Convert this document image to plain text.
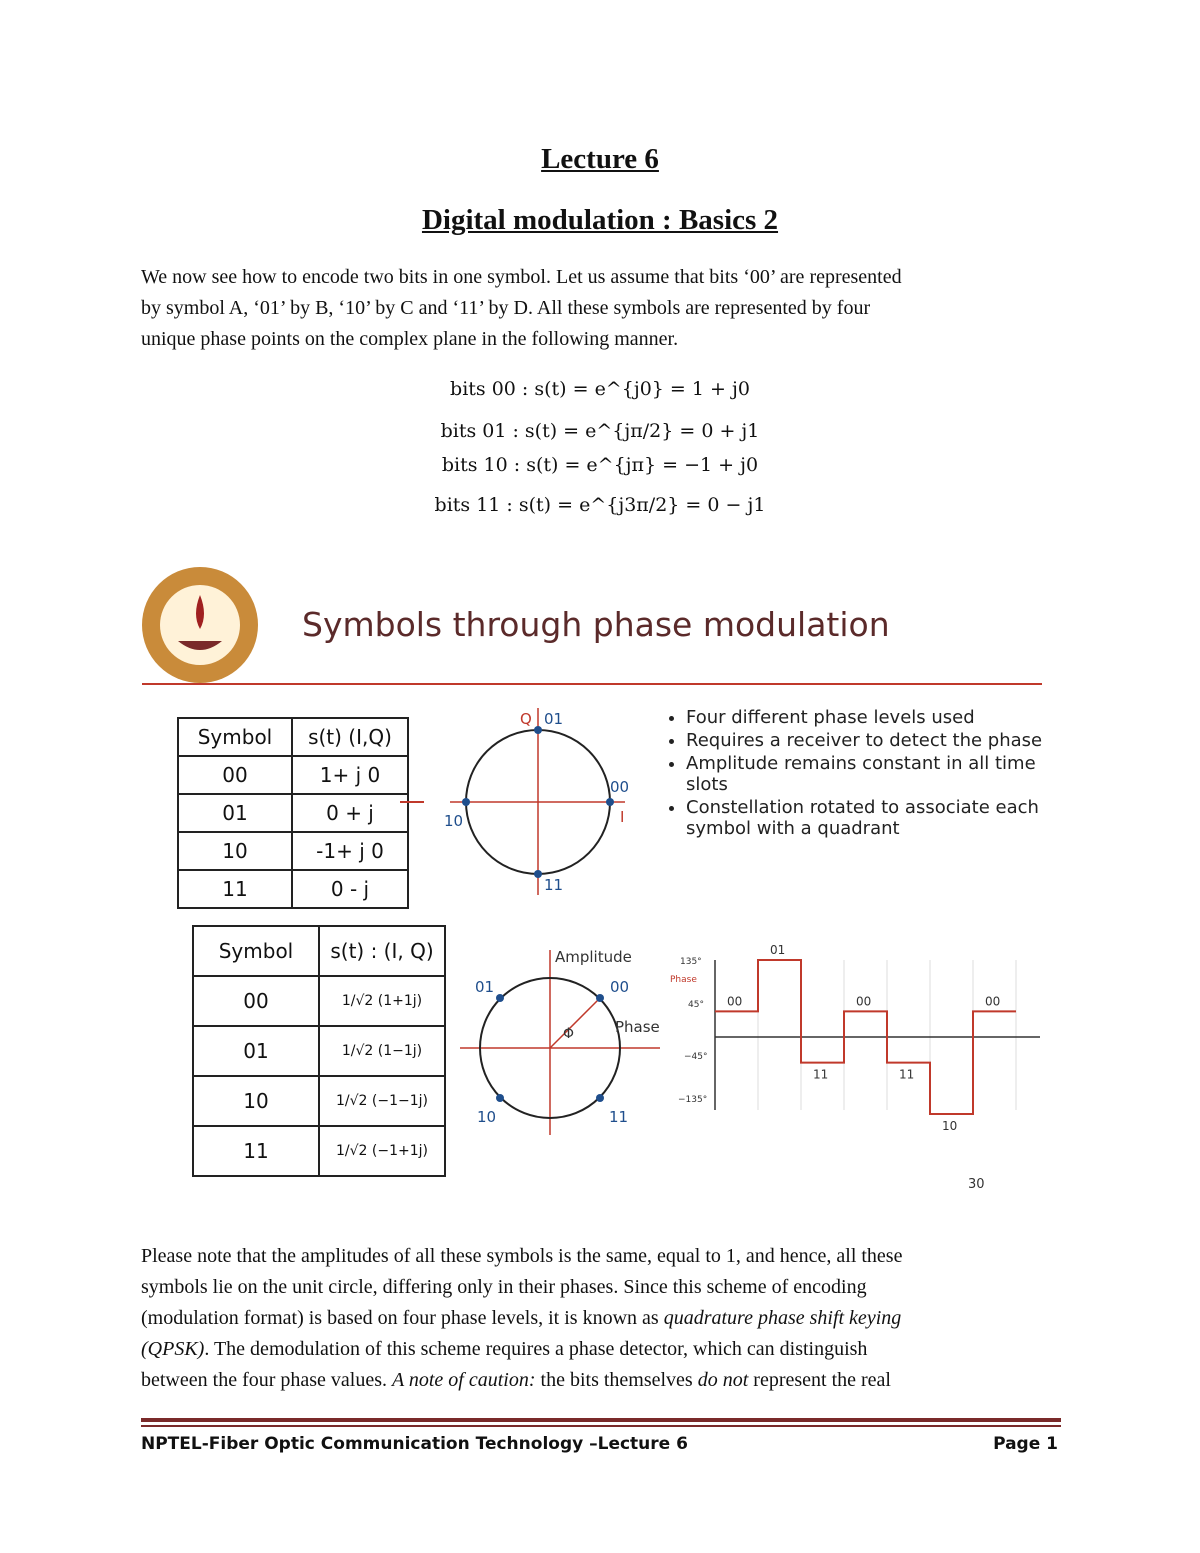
Lecture 6
Digital modulation : Basics 2
We now see how to encode two bits in one symbol. Let us assume that bits ‘00’ are represented
by symbol A, ‘01’ by B, ‘10’ by C and ‘11’ by D. All these symbols are represented by four
unique phase points on the complex plane in the following manner.
bits 00 : s(t) = e^{j0} = 1 + j0
bits 01 : s(t) = e^{jπ/2} = 0 + j1
bits 10 : s(t) = e^{jπ} = −1 + j0
bits 11 : s(t) = e^{j3π/2} = 0 − j1
Symbols through phase modulation
Symbol	s(t) (I,Q)
00	1+ j 0
01	0 + j
10	-1+ j 0
11	0 - j
Q 01
00
10
11
I
• Four different phase levels used
• Requires a receiver to detect the phase
• Amplitude remains constant in all time slots
• Constellation rotated to associate each symbol with a quadrant
Symbol	s(t) : (I, Q)
00	1/√2 (1+1j)
01	1/√2 (1−1j)
10	1/√2 (−1−1j)
11	1/√2 (−1+1j)
Amplitude
01	00
10	11
Phase
Φ
Phase
135°
45°
−45°
−135°
00
01
11
00
11
10
00
30
Please note that the amplitudes of all these symbols is the same, equal to 1, and hence, all these
symbols lie on the unit circle, differing only in their phases. Since this scheme of encoding
(modulation format) is based on four phase levels, it is known as quadrature phase shift keying
(QPSK). The demodulation of this scheme requires a phase detector, which can distinguish
between the four phase values. A note of caution: the bits themselves do not represent the real
NPTEL-Fiber Optic Communication Technology –Lecture 6	Page 1
